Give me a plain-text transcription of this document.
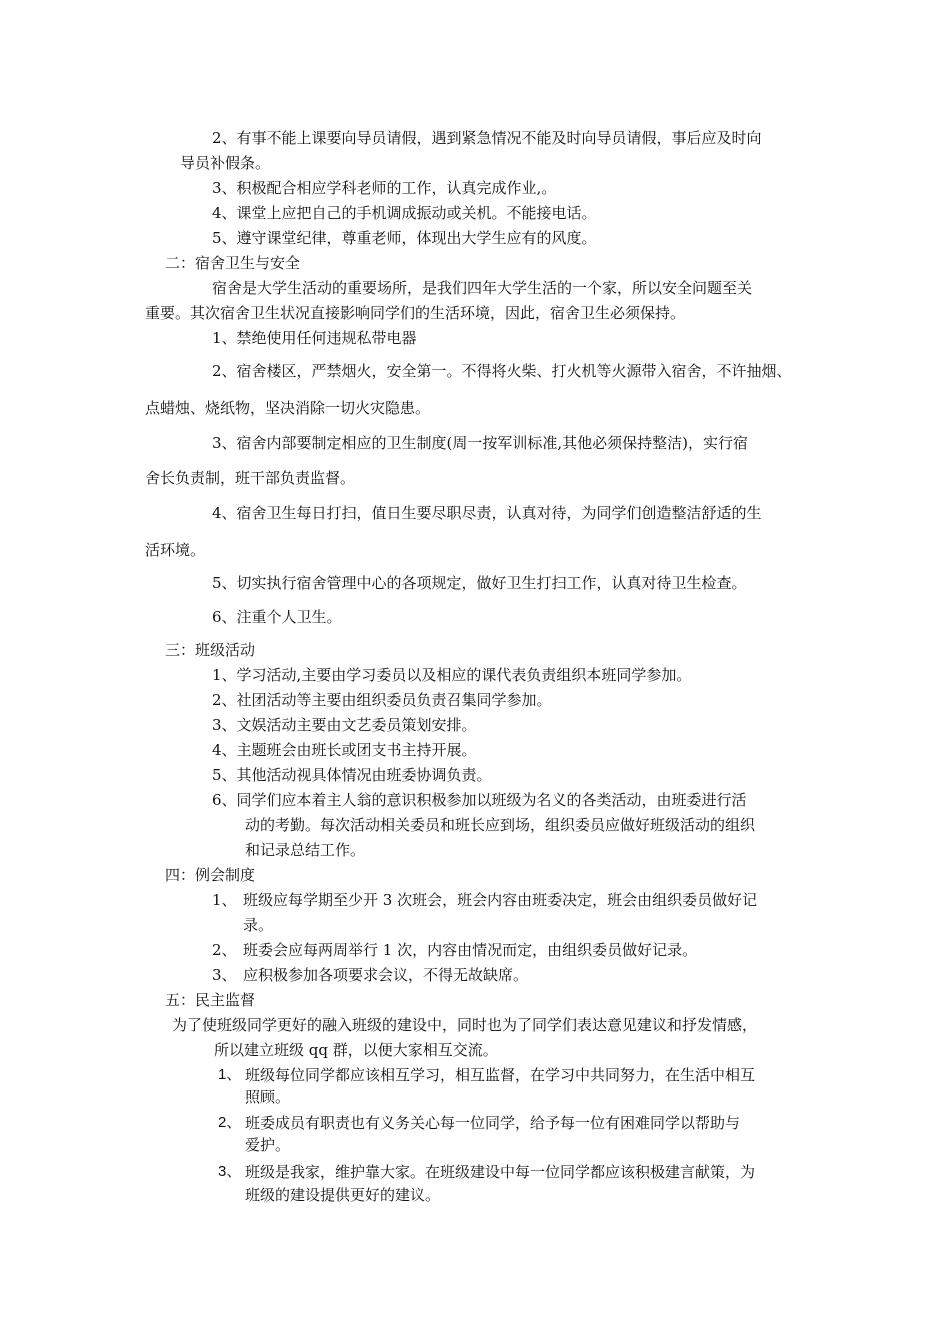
2、有事不能上课要向导员请假，遇到紧急情况不能及时向导员请假，事后应及时向
导员补假条。
3、积极配合相应学科老师的工作，认真完成作业,。
4、课堂上应把自己的手机调成振动或关机。不能接电话。
5、遵守课堂纪律，尊重老师，体现出大学生应有的风度。
二：宿舍卫生与安全
宿舍是大学生活动的重要场所，是我们四年大学生活的一个家，所以安全问题至关
重要。其次宿舍卫生状况直接影响同学们的生活环境，因此，宿舍卫生必须保持。
1、禁绝使用任何违规私带电器
2、宿舍楼区，严禁烟火，安全第一。不得将火柴、打火机等火源带入宿舍，不许抽烟、
点蜡烛、烧纸物，坚决消除一切火灾隐患。
3、宿舍内部要制定相应的卫生制度(周一按军训标准,其他必须保持整洁)，实行宿
舍长负责制，班干部负责监督。
4、宿舍卫生每日打扫，值日生要尽职尽责，认真对待，为同学们创造整洁舒适的生
活环境。
5、切实执行宿舍管理中心的各项规定，做好卫生打扫工作，认真对待卫生检查。
6、注重个人卫生。
三：班级活动
1、学习活动,主要由学习委员以及相应的课代表负责组织本班同学参加。
2、社团活动等主要由组织委员负责召集同学参加。
3、文娱活动主要由文艺委员策划安排。
4、主题班会由班长或团支书主持开展。
5、其他活动视具体情况由班委协调负责。
6、同学们应本着主人翁的意识积极参加以班级为名义的各类活动，由班委进行活
动的考勤。每次活动相关委员和班长应到场，组织委员应做好班级活动的组织
和记录总结工作。
四：例会制度
1、 班级应每学期至少开 3 次班会，班会内容由班委决定，班会由组织委员做好记
录。
2、 班委会应每两周举行 1 次，内容由情况而定，由组织委员做好记录。
3、 应积极参加各项要求会议，不得无故缺席。
五：民主监督
为了使班级同学更好的融入班级的建设中，同时也为了同学们表达意见建议和抒发情感，
所以建立班级 qq 群，以便大家相互交流。
1、 班级每位同学都应该相互学习，相互监督，在学习中共同努力，在生活中相互
照顾。
2、 班委成员有职责也有义务关心每一位同学，给予每一位有困难同学以帮助与
爱护。
3、 班级是我家，维护靠大家。在班级建设中每一位同学都应该积极建言献策，为
班级的建设提供更好的建议。
